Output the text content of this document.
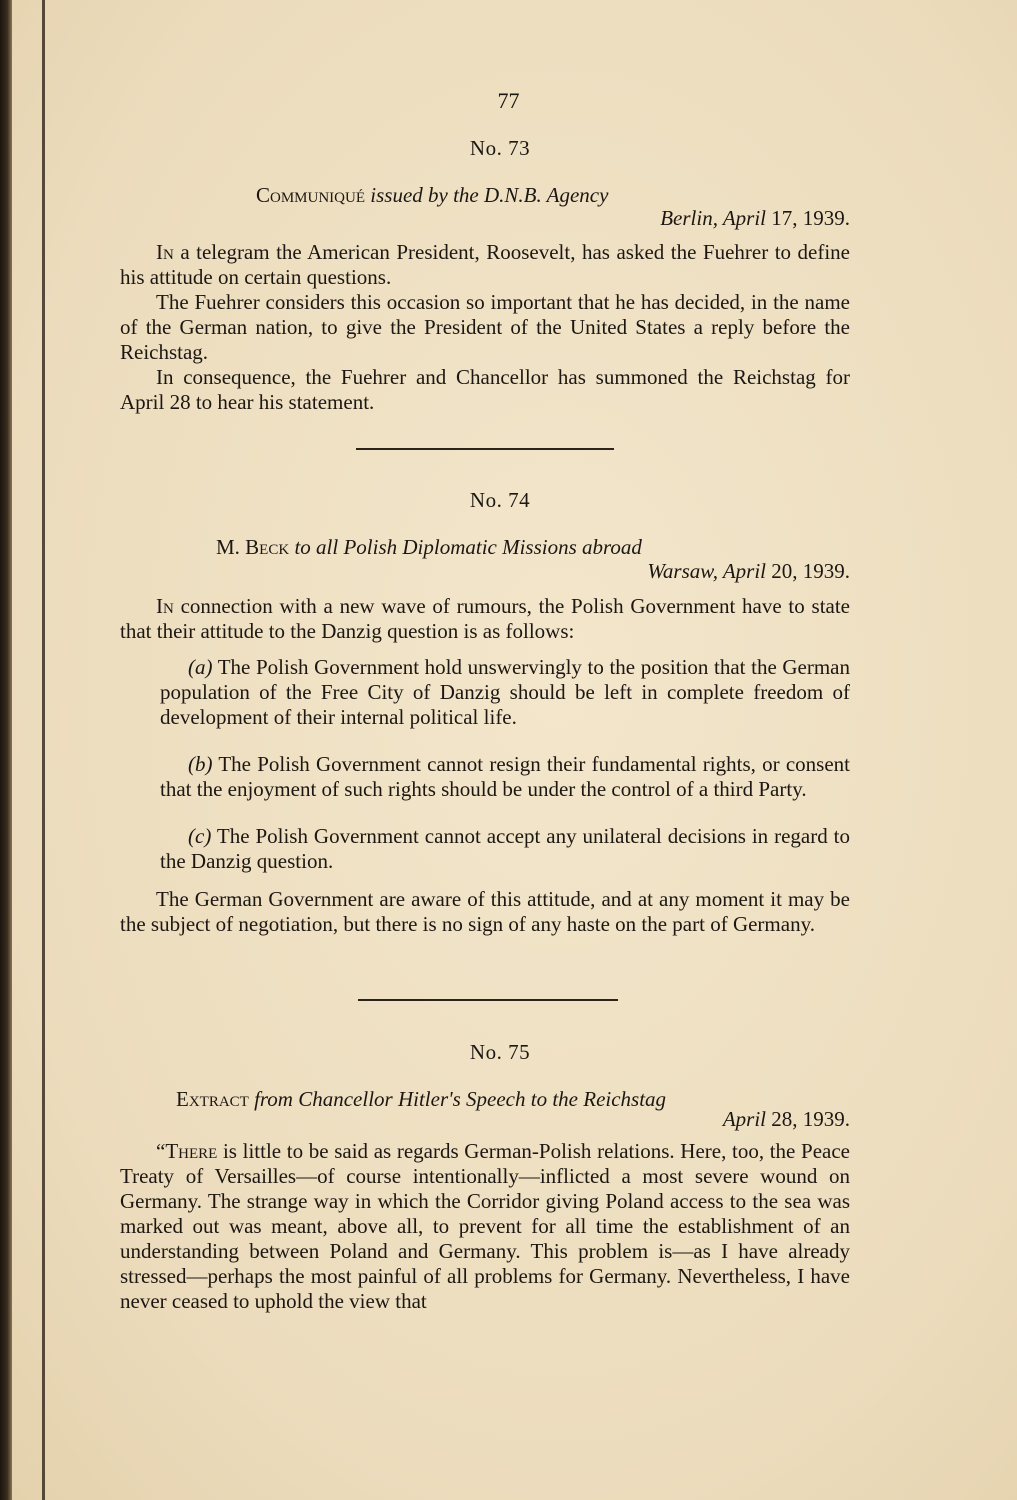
77
No. 73
Communiqué issued by the D.N.B. Agency
Berlin, April 17, 1939.
In a telegram the American President, Roosevelt, has asked the Fuehrer to define his attitude on certain questions.
The Fuehrer considers this occasion so important that he has decided, in the name of the German nation, to give the President of the United States a reply before the Reichstag.
In consequence, the Fuehrer and Chancellor has summoned the Reichstag for April 28 to hear his statement.
No. 74
M. Beck to all Polish Diplomatic Missions abroad
Warsaw, April 20, 1939.
In connection with a new wave of rumours, the Polish Government have to state that their attitude to the Danzig question is as follows:
(a) The Polish Government hold unswervingly to the position that the German population of the Free City of Danzig should be left in complete freedom of development of their internal political life.
(b) The Polish Government cannot resign their fundamental rights, or consent that the enjoyment of such rights should be under the control of a third Party.
(c) The Polish Government cannot accept any unilateral decisions in regard to the Danzig question.
The German Government are aware of this attitude, and at any moment it may be the subject of negotiation, but there is no sign of any haste on the part of Germany.
No. 75
Extract from Chancellor Hitler's Speech to the Reichstag
April 28, 1939.
“There is little to be said as regards German-Polish relations. Here, too, the Peace Treaty of Versailles—of course intentionally—inflicted a most severe wound on Germany. The strange way in which the Corridor giving Poland access to the sea was marked out was meant, above all, to prevent for all time the establishment of an understanding between Poland and Germany. This problem is—as I have already stressed—perhaps the most painful of all problems for Germany. Nevertheless, I have never ceased to uphold the view that
